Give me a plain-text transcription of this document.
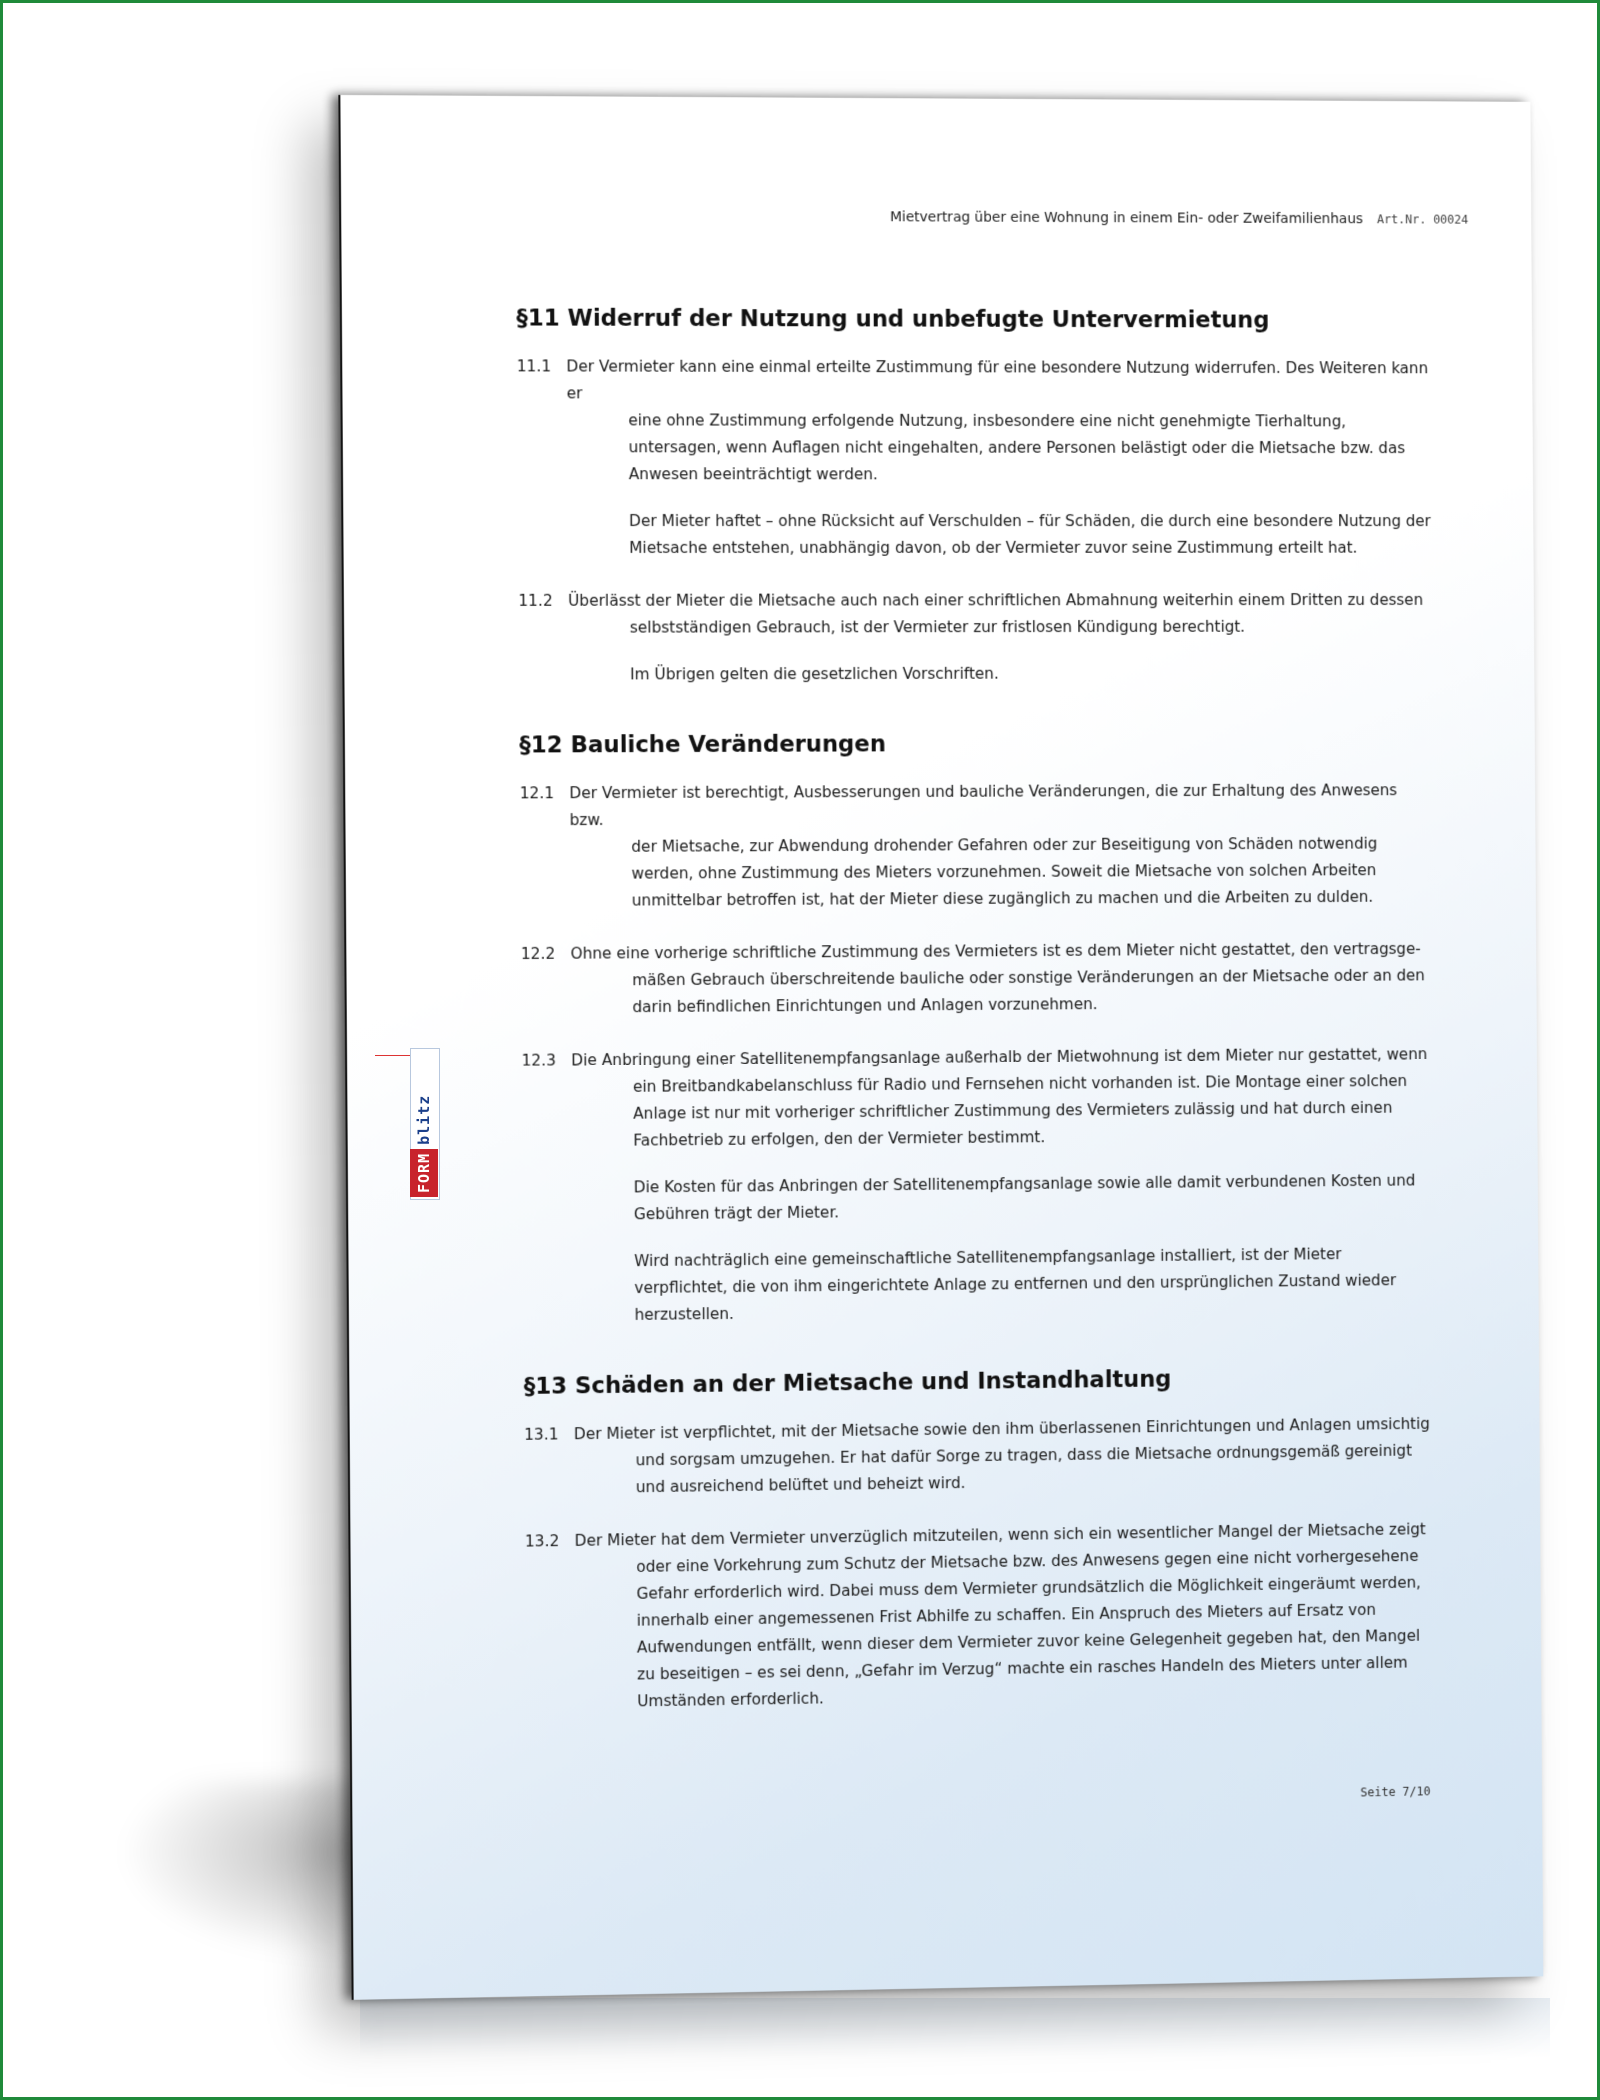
Mietvertrag über eine Wohnung in einem Ein- oder Zweifamilienhaus Art.Nr. 00024
§11 Widerruf der Nutzung und unbefugte Untervermietung
11.1 Der Vermieter kann eine einmal erteilte Zustimmung für eine besondere Nutzung widerrufen. Des Weiteren kann er
eine ohne Zustimmung erfolgende Nutzung, insbesondere eine nicht genehmigte Tierhaltung, untersagen, wenn Auflagen nicht eingehalten, andere Personen belästigt oder die Mietsache bzw. das Anwesen beeinträchtigt werden.
Der Mieter haftet – ohne Rücksicht auf Verschulden – für Schäden, die durch eine besondere Nutzung der Mietsache entstehen, unabhängig davon, ob der Vermieter zuvor seine Zustimmung erteilt hat.
11.2 Überlässt der Mieter die Mietsache auch nach einer schriftlichen Abmahnung weiterhin einem Dritten zu dessen
selbstständigen Gebrauch, ist der Vermieter zur fristlosen Kündigung berechtigt.
Im Übrigen gelten die gesetzlichen Vorschriften.
§12 Bauliche Veränderungen
12.1 Der Vermieter ist berechtigt, Ausbesserungen und bauliche Veränderungen, die zur Erhaltung des Anwesens bzw.
der Mietsache, zur Abwendung drohender Gefahren oder zur Beseitigung von Schäden notwendig werden, ohne Zustimmung des Mieters vorzunehmen. Soweit die Mietsache von solchen Arbeiten unmittelbar betroffen ist, hat der Mieter diese zugänglich zu machen und die Arbeiten zu dulden.
12.2 Ohne eine vorherige schriftliche Zustimmung des Vermieters ist es dem Mieter nicht gestattet, den vertragsge-
mäßen Gebrauch überschreitende bauliche oder sonstige Veränderungen an der Mietsache oder an den darin befindlichen Einrichtungen und Anlagen vorzunehmen.
12.3 Die Anbringung einer Satellitenempfangsanlage außerhalb der Mietwohnung ist dem Mieter nur gestattet, wenn
ein Breitbandkabelanschluss für Radio und Fernsehen nicht vorhanden ist. Die Montage einer solchen Anlage ist nur mit vorheriger schriftlicher Zustimmung des Vermieters zulässig und hat durch einen Fachbetrieb zu erfolgen, den der Vermieter bestimmt.
Die Kosten für das Anbringen der Satellitenempfangsanlage sowie alle damit verbundenen Kosten und Gebühren trägt der Mieter.
Wird nachträglich eine gemeinschaftliche Satellitenempfangsanlage installiert, ist der Mieter verpflichtet, die von ihm eingerichtete Anlage zu entfernen und den ursprünglichen Zustand wieder herzustellen.
§13 Schäden an der Mietsache und Instandhaltung
13.1 Der Mieter ist verpflichtet, mit der Mietsache sowie den ihm überlassenen Einrichtungen und Anlagen umsichtig
und sorgsam umzugehen. Er hat dafür Sorge zu tragen, dass die Mietsache ordnungsgemäß gereinigt und ausreichend belüftet und beheizt wird.
13.2 Der Mieter hat dem Vermieter unverzüglich mitzuteilen, wenn sich ein wesentlicher Mangel der Mietsache zeigt
oder eine Vorkehrung zum Schutz der Mietsache bzw. des Anwesens gegen eine nicht vorhergesehene Gefahr erforderlich wird. Dabei muss dem Vermieter grundsätzlich die Möglichkeit eingeräumt werden, innerhalb einer angemessenen Frist Abhilfe zu schaffen. Ein Anspruch des Mieters auf Ersatz von Aufwendungen entfällt, wenn dieser dem Vermieter zuvor keine Gelegenheit gegeben hat, den Mangel zu beseitigen – es sei denn, „Gefahr im Verzug“ machte ein rasches Handeln des Mieters unter allem Umständen erforderlich.
Seite 7/10
FORM
blitz
